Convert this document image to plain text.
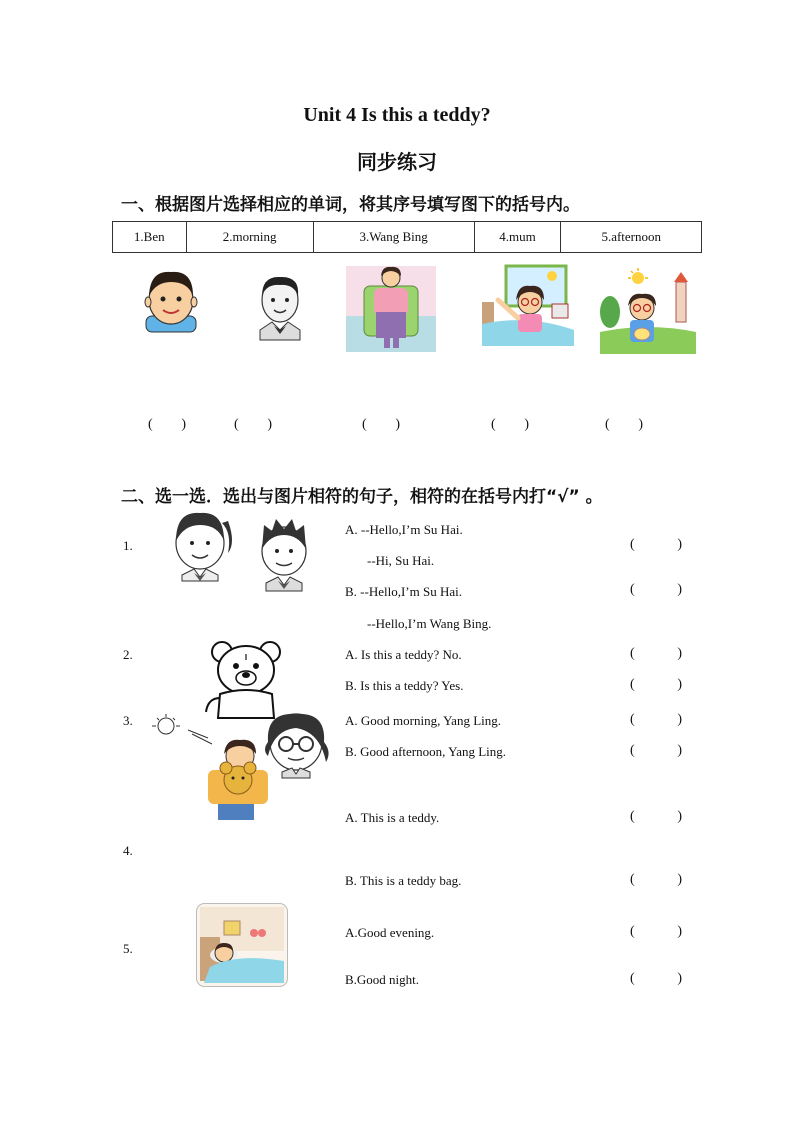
Unit 4 Is this a teddy?
同步练习
一、根据图片选择相应的单词，将其序号填写图下的括号内。
1.Ben	2.morning	3.Wang Bing	4.mum	5.afternoon
( )	( )	( )	( )	( )
二、选一选．选出与图片相符的句子，相符的在括号内打“√” 。
1.
A. --Hello,I’m Su Hai.
--Hi, Su Hai.
B. --Hello,I’m Su Hai.
--Hello,I’m Wang Bing.
(	)
(	)
2.	A. Is this a teddy? No.
B. Is this a teddy? Yes.
(	)
(	)
3.	A. Good morning, Yang Ling.
B. Good afternoon, Yang Ling.
(	)
(	)
4.
A. This is a teddy.
B. This is a teddy bag.
(	)
(	)
5.
A.Good evening.
B.Good night.
(	)
(	)
